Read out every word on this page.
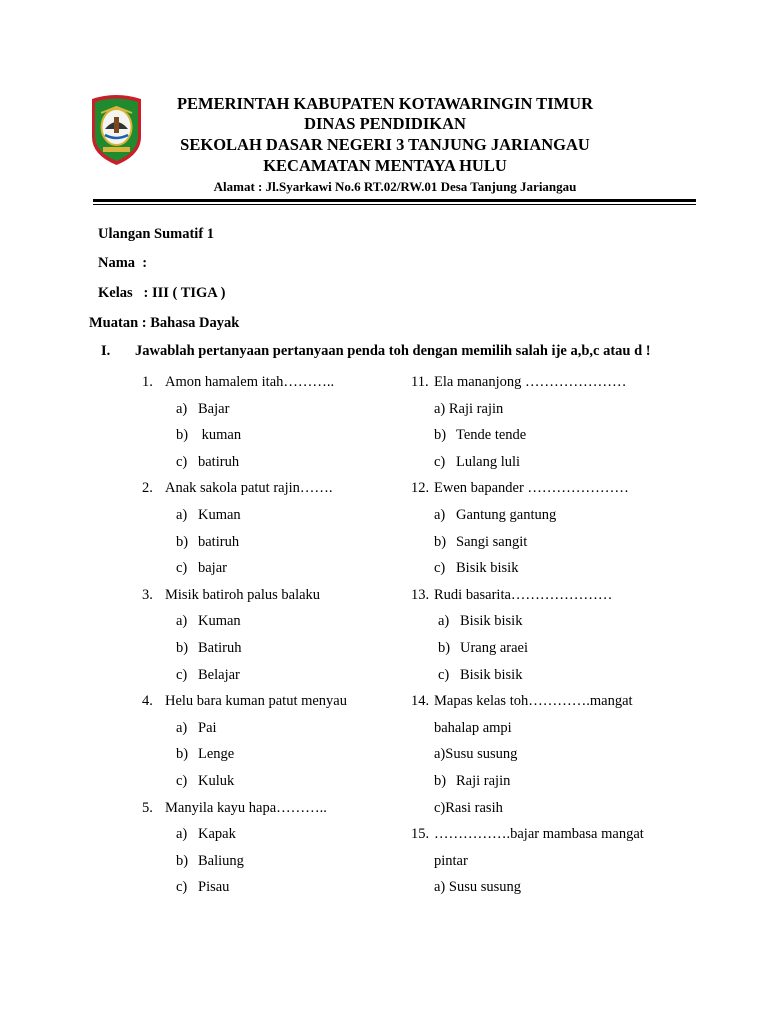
PEMERINTAH KABUPATEN KOTAWARINGIN TIMUR
DINAS PENDIDIKAN
SEKOLAH DASAR NEGERI 3 TANJUNG JARIANGAU
KECAMATAN MENTAYA HULU
Alamat : Jl.Syarkawi No.6 RT.02/RW.01 Desa Tanjung Jariangau
Ulangan Sumatif 1
Nama  :
Kelas   : III ( TIGA )
Muatan : Bahasa Dayak
I. Jawablah pertanyaan pertanyaan penda toh dengan memilih salah ije a,b,c atau d !
1. Amon hamalem itah………..
a) Bajar
b) kuman
c) batiruh
2. Anak sakola patut rajin…….
a) Kuman
b) batiruh
c) bajar
3. Misik batiroh palus balaku
a) Kuman
b) Batiruh
c) Belajar
4. Helu bara kuman patut menyau
a) Pai
b) Lenge
c) Kuluk
5. Manyila kayu hapa………..
a) Kapak
b) Baliung
c) Pisau
11. Ela mananjong …………………
a) Raji rajin
b) Tende tende
c) Lulang luli
12. Ewen bapander …………………
a) Gantung gantung
b) Sangi sangit
c) Bisik bisik
13. Rudi basarita…………………
a) Bisik bisik
b) Urang araei
c) Bisik bisik
14. Mapas kelas toh………….mangat
bahalap ampi
a)Susu susung
b) Raji rajin
c)Rasi rasih
15. …………….bajar mambasa mangat
pintar
a) Susu susung
